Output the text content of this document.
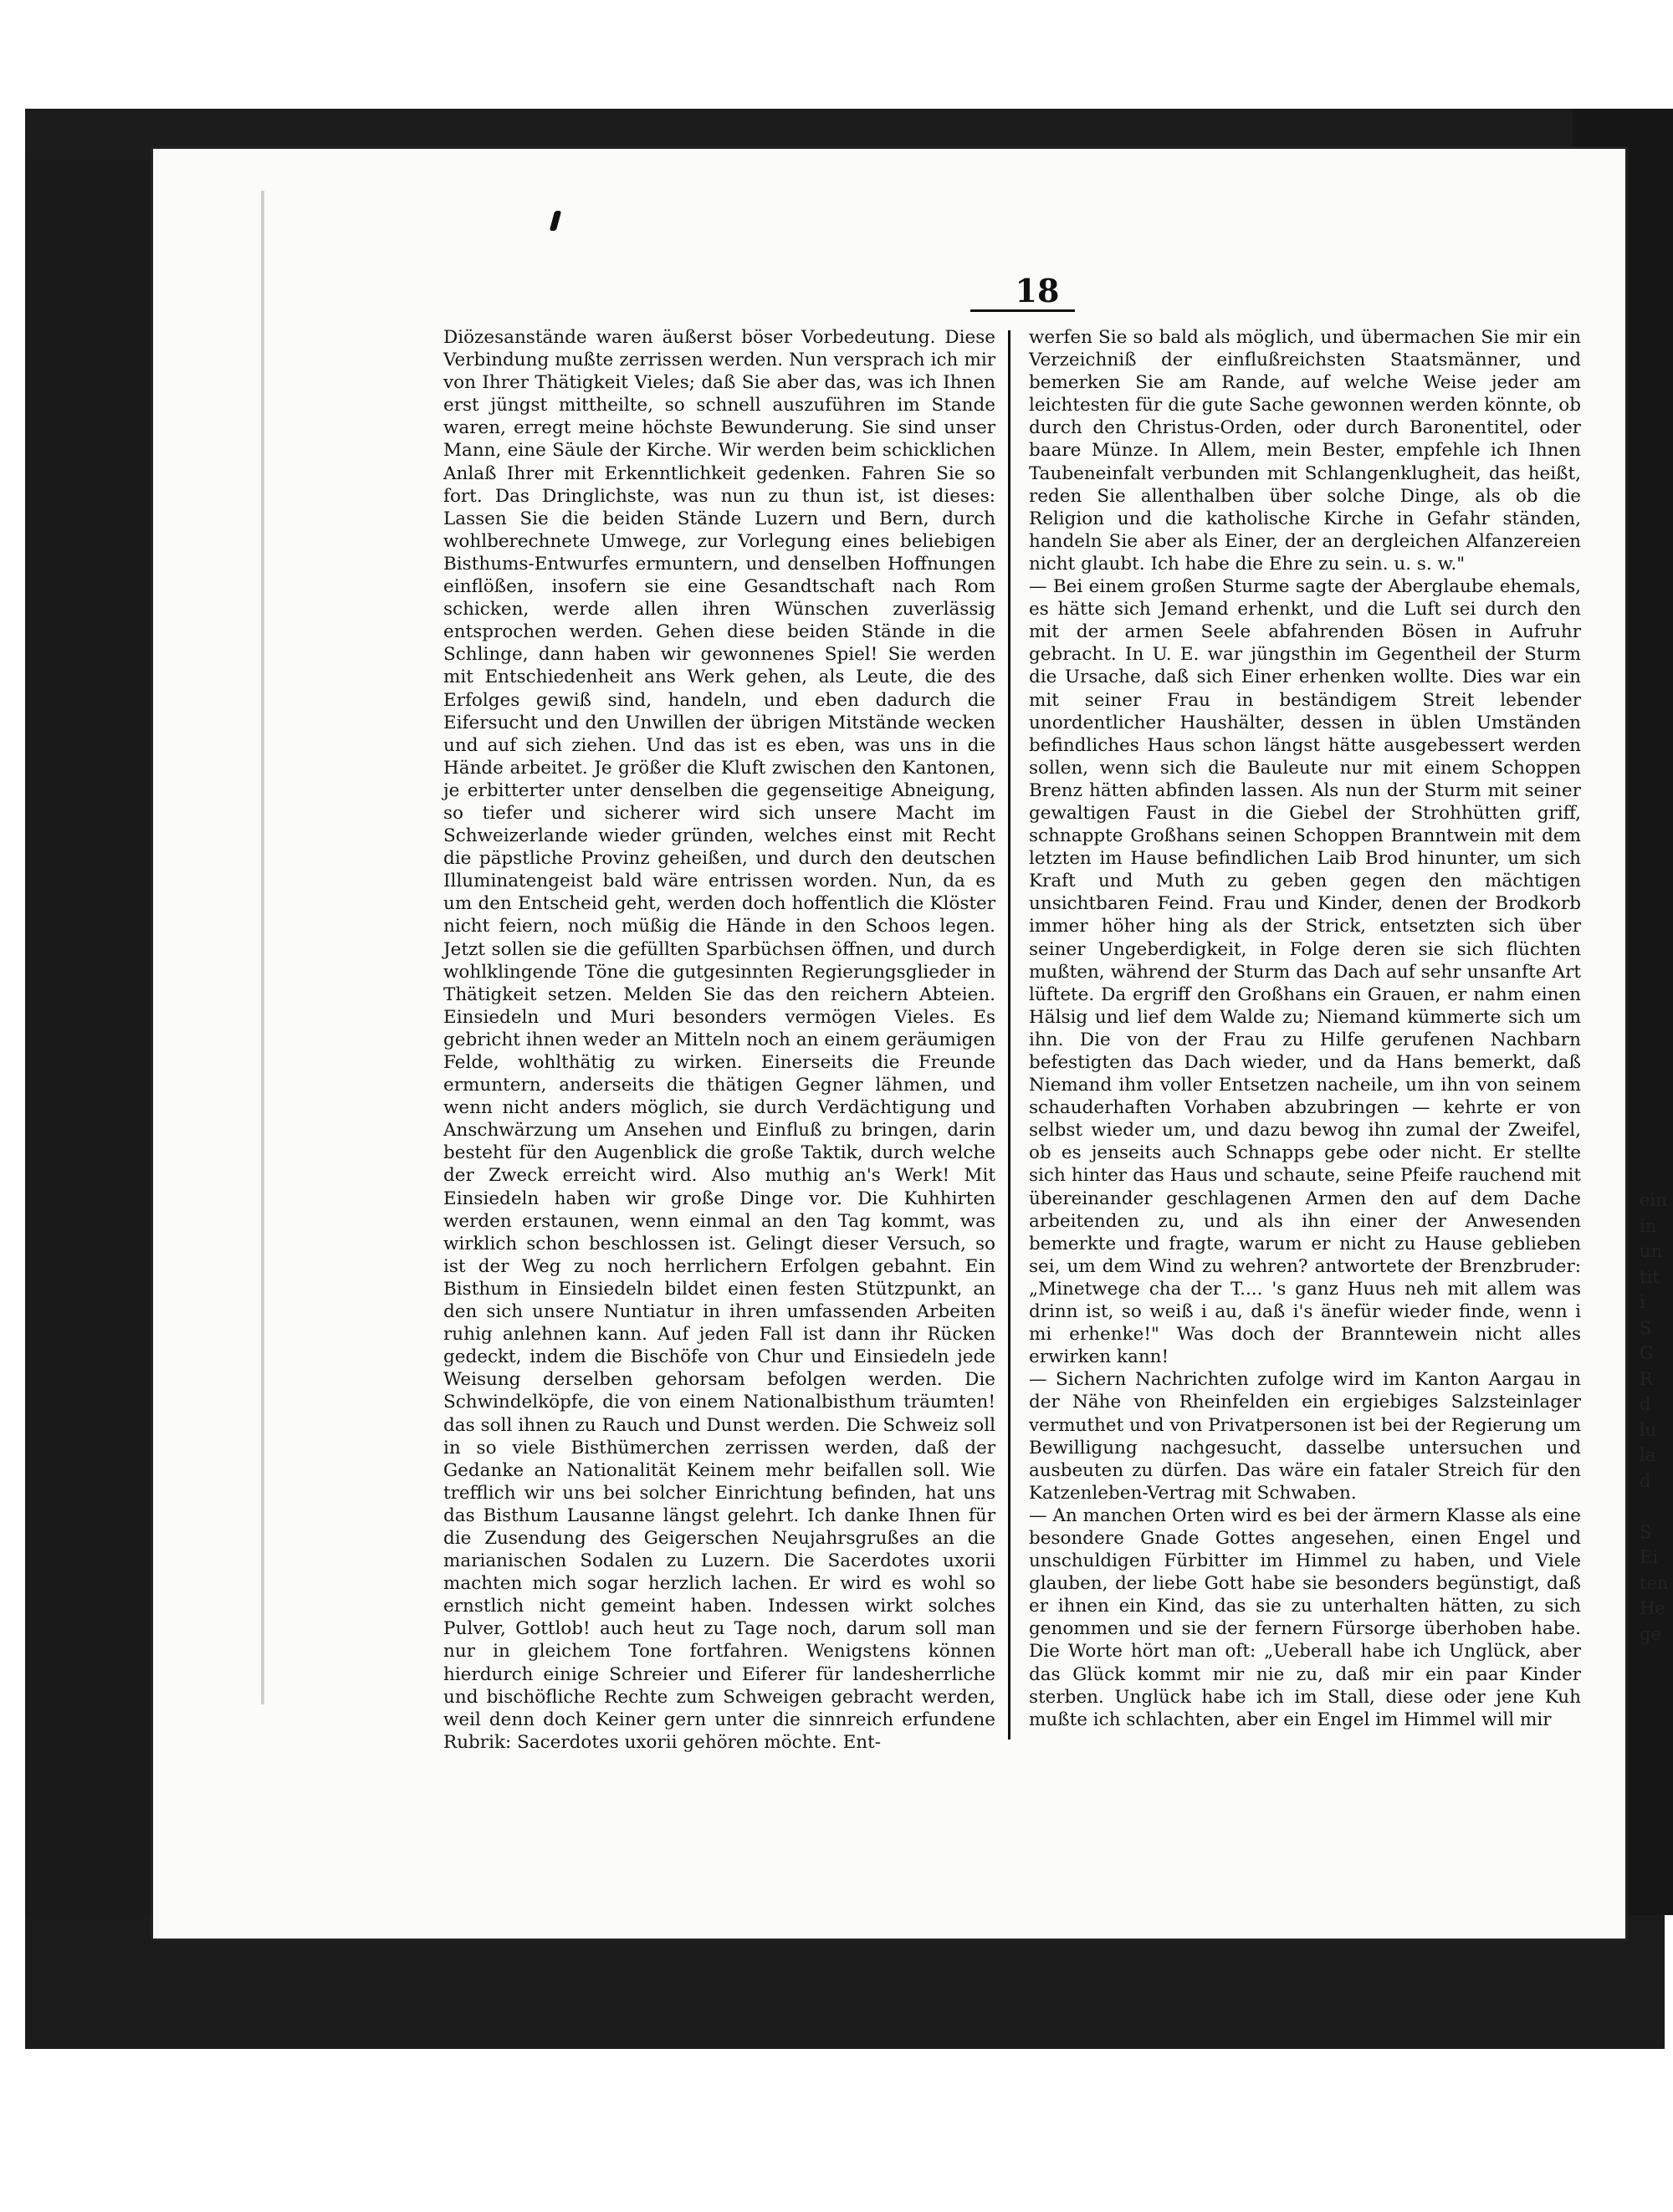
18

Diözesanstände waren äußerst böser Vorbedeutung. Diese Verbindung mußte zerrissen werden. Nun versprach ich mir von Ihrer Thätigkeit Vieles; daß Sie aber das, was ich Ihnen erst jüngst mittheilte, so schnell auszuführen im Stande waren, erregt meine höchste Bewunderung. Sie sind unser Mann, eine Säule der Kirche. Wir werden beim schicklichen Anlaß Ihrer mit Erkenntlichkeit gedenken. Fahren Sie so fort. Das Dringlichste, was nun zu thun ist, ist dieses: Lassen Sie die beiden Stände Luzern und Bern, durch wohlberechnete Umwege, zur Vorlegung eines beliebigen Bisthums-Entwurfes ermuntern, und denselben Hoffnungen einflößen, insofern sie eine Gesandtschaft nach Rom schicken, werde allen ihren Wünschen zuverlässig entsprochen werden. Gehen diese beiden Stände in die Schlinge, dann haben wir gewonnenes Spiel! Sie werden mit Entschiedenheit ans Werk gehen, als Leute, die des Erfolges gewiß sind, handeln, und eben dadurch die Eifersucht und den Unwillen der übrigen Mitstände wecken und auf sich ziehen. Und das ist es eben, was uns in die Hände arbeitet. Je größer die Kluft zwischen den Kantonen, je erbitterter unter denselben die gegenseitige Abneigung, so tiefer und sicherer wird sich unsere Macht im Schweizerlande wieder gründen, welches einst mit Recht die päpstliche Provinz geheißen, und durch den deutschen Illuminatengeist bald wäre entrissen worden. Nun, da es um den Entscheid geht, werden doch hoffentlich die Klöster nicht feiern, noch müßig die Hände in den Schoos legen. Jetzt sollen sie die gefüllten Sparbüchsen öffnen, und durch wohlklingende Töne die gutgesinnten Regierungsglieder in Thätigkeit setzen. Melden Sie das den reichern Abteien. Einsiedeln und Muri besonders vermögen Vieles. Es gebricht ihnen weder an Mitteln noch an einem geräumigen Felde, wohlthätig zu wirken. Einerseits die Freunde ermuntern, anderseits die thätigen Gegner lähmen, und wenn nicht anders möglich, sie durch Verdächtigung und Anschwärzung um Ansehen und Einfluß zu bringen, darin besteht für den Augenblick die große Taktik, durch welche der Zweck erreicht wird. Also muthig an's Werk! Mit Einsiedeln haben wir große Dinge vor. Die Kuhhirten werden erstaunen, wenn einmal an den Tag kommt, was wirklich schon beschlossen ist. Gelingt dieser Versuch, so ist der Weg zu noch herrlichern Erfolgen gebahnt. Ein Bisthum in Einsiedeln bildet einen festen Stützpunkt, an den sich unsere Nuntiatur in ihren umfassenden Arbeiten ruhig anlehnen kann. Auf jeden Fall ist dann ihr Rücken gedeckt, indem die Bischöfe von Chur und Einsiedeln jede Weisung derselben gehorsam befolgen werden. Die Schwindelköpfe, die von einem Nationalbisthum träumten! das soll ihnen zu Rauch und Dunst werden. Die Schweiz soll in so viele Bisthümerchen zerrissen werden, daß der Gedanke an Nationalität Keinem mehr beifallen soll. Wie trefflich wir uns bei solcher Einrichtung befinden, hat uns das Bisthum Lausanne längst gelehrt. Ich danke Ihnen für die Zusendung des Geigerschen Neujahrsgrußes an die marianischen Sodalen zu Luzern. Die Sacerdotes uxorii machten mich sogar herzlich lachen. Er wird es wohl so ernstlich nicht gemeint haben. Indessen wirkt solches Pulver, Gottlob! auch heut zu Tage noch, darum soll man nur in gleichem Tone fortfahren. Wenigstens können hierdurch einige Schreier und Eiferer für landesherrliche und bischöfliche Rechte zum Schweigen gebracht werden, weil denn doch Keiner gern unter die sinnreich erfundene Rubrik: Sacerdotes uxorii gehören möchte. Ent-

werfen Sie so bald als möglich, und übermachen Sie mir ein Verzeichniß der einflußreichsten Staatsmänner, und bemerken Sie am Rande, auf welche Weise jeder am leichtesten für die gute Sache gewonnen werden könnte, ob durch den Christus-Orden, oder durch Baronentitel, oder baare Münze. In Allem, mein Bester, empfehle ich Ihnen Taubeneinfalt verbunden mit Schlangenklugheit, das heißt, reden Sie allenthalben über solche Dinge, als ob die Religion und die katholische Kirche in Gefahr ständen, handeln Sie aber als Einer, der an dergleichen Alfanzereien nicht glaubt. Ich habe die Ehre zu sein. u. s. w."

— Bei einem großen Sturme sagte der Aberglaube ehemals, es hätte sich Jemand erhenkt, und die Luft sei durch den mit der armen Seele abfahrenden Bösen in Aufruhr gebracht. In U. E. war jüngsthin im Gegentheil der Sturm die Ursache, daß sich Einer erhenken wollte. Dies war ein mit seiner Frau in beständigem Streit lebender unordentlicher Haushälter, dessen in üblen Umständen befindliches Haus schon längst hätte ausgebessert werden sollen, wenn sich die Bauleute nur mit einem Schoppen Brenz hätten abfinden lassen. Als nun der Sturm mit seiner gewaltigen Faust in die Giebel der Strohhütten griff, schnappte Großhans seinen Schoppen Branntwein mit dem letzten im Hause befindlichen Laib Brod hinunter, um sich Kraft und Muth zu geben gegen den mächtigen unsichtbaren Feind. Frau und Kinder, denen der Brodkorb immer höher hing als der Strick, entsetzten sich über seiner Ungeberdigkeit, in Folge deren sie sich flüchten mußten, während der Sturm das Dach auf sehr unsanfte Art lüftete. Da ergriff den Großhans ein Grauen, er nahm einen Hälsig und lief dem Walde zu; Niemand kümmerte sich um ihn. Die von der Frau zu Hilfe gerufenen Nachbarn befestigten das Dach wieder, und da Hans bemerkt, daß Niemand ihm voller Entsetzen nacheile, um ihn von seinem schauderhaften Vorhaben abzubringen — kehrte er von selbst wieder um, und dazu bewog ihn zumal der Zweifel, ob es jenseits auch Schnapps gebe oder nicht. Er stellte sich hinter das Haus und schaute, seine Pfeife rauchend mit übereinander geschlagenen Armen den auf dem Dache arbeitenden zu, und als ihn einer der Anwesenden bemerkte und fragte, warum er nicht zu Hause geblieben sei, um dem Wind zu wehren? antwortete der Brenzbruder: „Minetwege cha der T.... 's ganz Huus neh mit allem was drinn ist, so weiß i au, daß i's änefür wieder finde, wenn i mi erhenke!" Was doch der Branntewein nicht alles erwirken kann!

— Sichern Nachrichten zufolge wird im Kanton Aargau in der Nähe von Rheinfelden ein ergiebiges Salzsteinlager vermuthet und von Privatpersonen ist bei der Regierung um Bewilligung nachgesucht, dasselbe untersuchen und ausbeuten zu dürfen. Das wäre ein fataler Streich für den Katzenleben-Vertrag mit Schwaben.

— An manchen Orten wird es bei der ärmern Klasse als eine besondere Gnade Gottes angesehen, einen Engel und unschuldigen Fürbitter im Himmel zu haben, und Viele glauben, der liebe Gott habe sie besonders begünstigt, daß er ihnen ein Kind, das sie zu unterhalten hätten, zu sich genommen und sie der fernern Fürsorge überhoben habe. Die Worte hört man oft: „Ueberall habe ich Unglück, aber das Glück kommt mir nie zu, daß mir ein paar Kinder sterben. Unglück habe ich im Stall, diese oder jene Kuh mußte ich schlachten, aber ein Engel im Himmel will mir

ein
in
un
tit
i
S
G
R
d
lu
la
d

S
Ei
ten
He
ge
